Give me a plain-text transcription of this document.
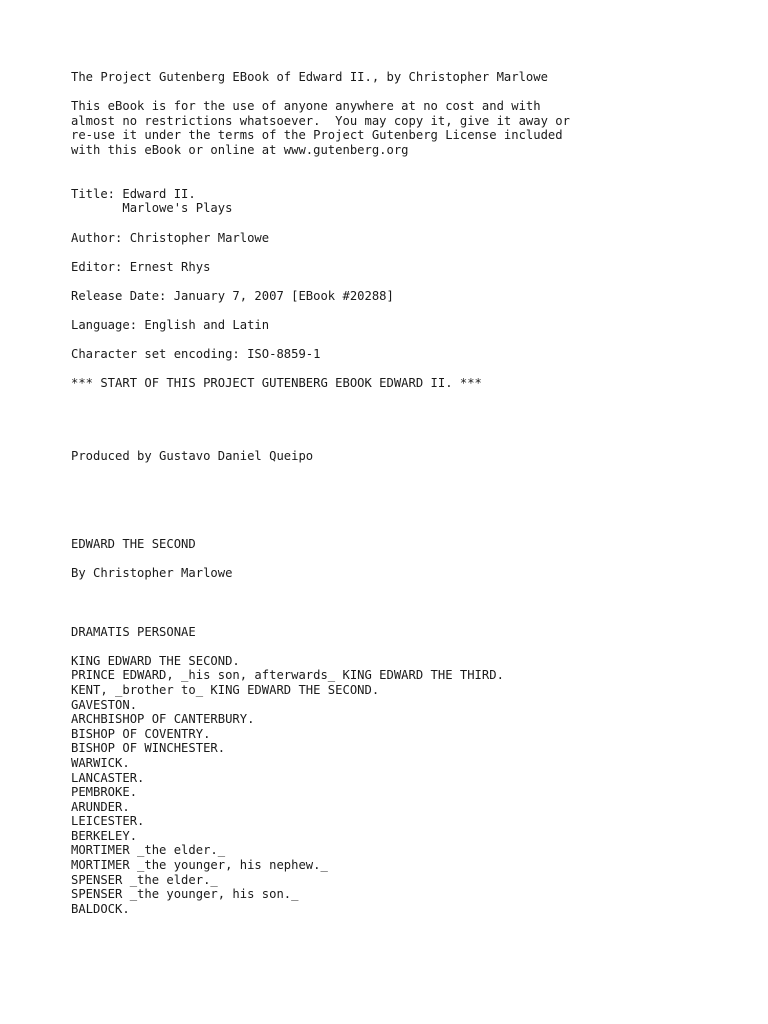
The Project Gutenberg EBook of Edward II., by Christopher Marlowe
This eBook is for the use of anyone anywhere at no cost and with
almost no restrictions whatsoever.  You may copy it, give it away or
re-use it under the terms of the Project Gutenberg License included
with this eBook or online at www.gutenberg.org
Title: Edward II.
Marlowe's Plays
Author: Christopher Marlowe
Editor: Ernest Rhys
Release Date: January 7, 2007 [EBook #20288]
Language: English and Latin
Character set encoding: ISO-8859-1
*** START OF THIS PROJECT GUTENBERG EBOOK EDWARD II. ***
Produced by Gustavo Daniel Queipo
EDWARD THE SECOND
By Christopher Marlowe
DRAMATIS PERSONAE
KING EDWARD THE SECOND.
PRINCE EDWARD, _his son, afterwards_ KING EDWARD THE THIRD.
KENT, _brother to_ KING EDWARD THE SECOND.
GAVESTON.
ARCHBISHOP OF CANTERBURY.
BISHOP OF COVENTRY.
BISHOP OF WINCHESTER.
WARWICK.
LANCASTER.
PEMBROKE.
ARUNDER.
LEICESTER.
BERKELEY.
MORTIMER _the elder._
MORTIMER _the younger, his nephew._
SPENSER _the elder._
SPENSER _the younger, his son._
BALDOCK.
